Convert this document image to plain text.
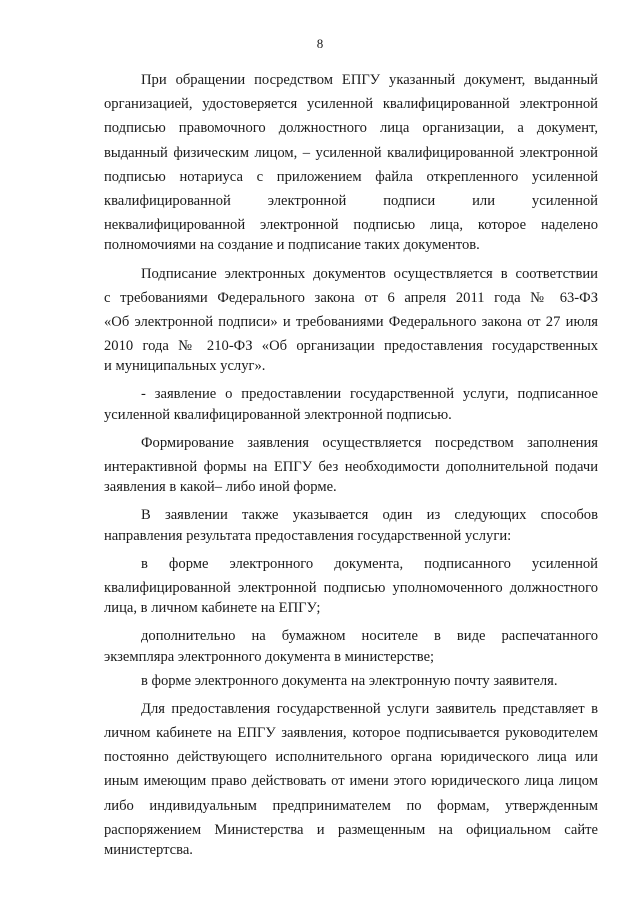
8
При обращении посредством ЕПГУ указанный документ, выданный
организацией, удостоверяется усиленной квалифицированной электронной
подписью правомочного должностного лица организации, а документ,
выданный физическим лицом, – усиленной квалифицированной электронной
подписью нотариуса с приложением файла открепленного усиленной
квалифицированной электронной подписи или усиленной
неквалифицированной электронной подписью лица, которое наделено
полномочиями на создание и подписание таких документов.
Подписание электронных документов осуществляется в соответствии
с требованиями Федерального закона от 6 апреля 2011 года № 63-ФЗ
«Об электронной подписи» и требованиями Федерального закона от 27 июля
2010 года № 210-ФЗ «Об организации предоставления государственных
и муниципальных услуг».
- заявление о предоставлении государственной услуги, подписанное
усиленной квалифицированной электронной подписью.
Формирование заявления осуществляется посредством заполнения
интерактивной формы на ЕПГУ без необходимости дополнительной подачи
заявления в какой– либо иной форме.
В заявлении также указывается один из следующих способов
направления результата предоставления государственной услуги:
в форме электронного документа, подписанного усиленной
квалифицированной электронной подписью уполномоченного должностного
лица, в личном кабинете на ЕПГУ;
дополнительно на бумажном носителе в виде распечатанного
экземпляра электронного документа в министерстве;
в форме электронного документа на электронную почту заявителя.
Для предоставления государственной услуги заявитель представляет в
личном кабинете на ЕПГУ заявления, которое подписывается руководителем
постоянно действующего исполнительного органа юридического лица или
иным имеющим право действовать от имени этого юридического лица лицом
либо индивидуальным предпринимателем по формам, утвержденным
распоряжением Министерства и размещенным на официальном сайте
министертсва.
